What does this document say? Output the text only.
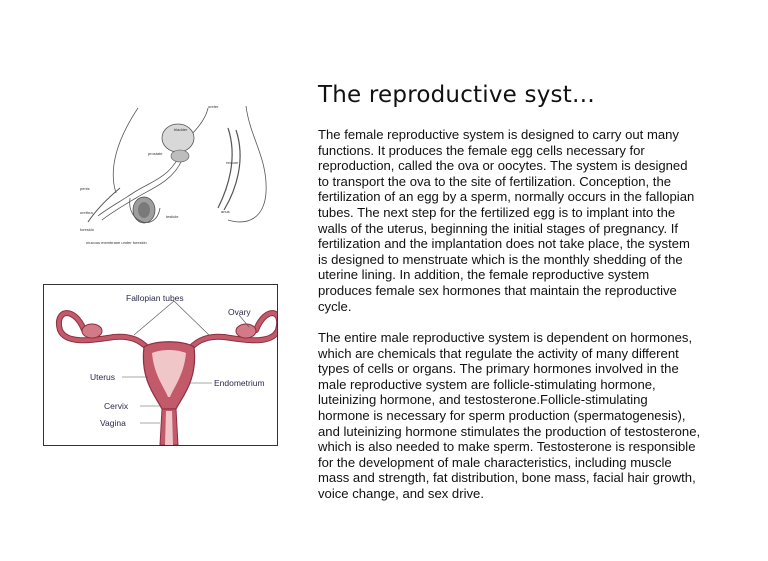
ureter
bladder
prostate
rectum
penis
urethra
foreskin
testicle
anus
mucous membrane under foreskin
Fallopian tubes
Ovary
Uterus
Endometrium
Cervix
Vagina
The reproductive syst…

The female reproductive system is designed to carry out many functions. It produces the female egg cells necessary for reproduction, called the ova or oocytes. The system is designed to transport the ova to the site of fertilization. Conception, the fertilization of an egg by a sperm, normally occurs in the fallopian tubes. The next step for the fertilized egg is to implant into the walls of the uterus, beginning the initial stages of pregnancy. If fertilization and the implantation does not take place, the system is designed to menstruate which is the monthly shedding of the uterine lining. In addition, the female reproductive system produces female sex hormones that maintain the reproductive cycle.

The entire male reproductive system is dependent on hormones, which are chemicals that regulate the activity of many different types of cells or organs. The primary hormones involved in the male reproductive system are follicle-stimulating hormone, luteinizing hormone, and testosterone.Follicle-stimulating hormone is necessary for sperm production (spermatogenesis), and luteinizing hormone stimulates the production of testosterone, which is also needed to make sperm. Testosterone is responsible for the development of male characteristics, including muscle mass and strength, fat distribution, bone mass, facial hair growth, voice change, and sex drive.
